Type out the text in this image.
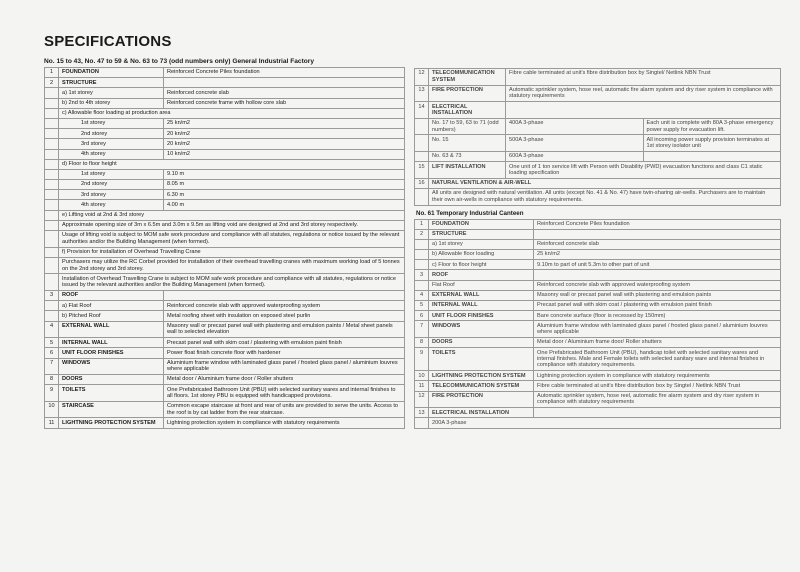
SPECIFICATIONS
No. 15 to 43, No. 47 to 59 & No. 63 to 73 (odd numbers only) General Industrial Factory
1	FOUNDATION	Reinforced Concrete Piles foundation
2	STRUCTURE	
	a) 1st storey	Reinforced concrete slab
	b) 2nd to 4th storey	Reinforced concrete frame with hollow core slab
	c) Allowable floor loading at production area	
	1st storey	25 kn/m2
	2nd storey	20 kn/m2
	3rd storey	20 kn/m2
	4th storey	10 kn/m2
	d) Floor to floor height	
	1st storey	9.10 m
	2nd storey	8.05 m
	3rd storey	6.30 m
	4th storey	4.00 m
	e) Lifting void at 2nd & 3rd storey	
	Approximate opening size of 3m x 6.5m and 3.0m x 9.5m as lifting void are designed at 2nd and 3rd storey respectively.	
	Usage of lifting void is subject to MOM safe work procedure and compliance with all statutes, regulations or notice issued by the relevant authorities and/or the Building Management (when formed).	
	f) Provision for installation of Overhead Travelling Crane	
	Purchasers may utilize the RC Corbel provided for installation of their overhead travelling cranes with maximum working load of 5 tonnes on the 2nd storey and 3rd storey.	
	Installation of Overhead Travelling Crane is subject to MOM safe work procedure and compliance with all statutes, regulations or notice issued by the relevant authorities and/or the Building Management (when formed).	
3	ROOF	
	a) Flat Roof	Reinforced concrete slab with approved waterproofing system
	b) Pitched Roof	Metal roofing sheet with insulation on exposed steel purlin
4	EXTERNAL WALL	Masonry wall or precast panel wall with plastering and emulsion paints / Metal sheet panels wall to selected elevation
5	INTERNAL WALL	Precast panel wall with skim coat / plastering with emulsion paint finish
6	UNIT FLOOR FINISHES	Power float finish concrete floor with hardener
7	WINDOWS	Aluminium frame window with laminated glass panel / frosted glass panel / aluminium louvres where applicable
8	DOORS	Metal door / Aluminium frame door / Roller shutters
9	TOILETS	One Prefabricated Bathroom Unit (PBU) with selected sanitary wares and internal finishes to all floors. 1st storey PBU is equipped with handicapped provisions.
10	STAIRCASE	Common escape staircase at front and rear of units are provided to serve the units. Access to the roof is by cat ladder from the rear staircase.
11	LIGHTNING PROTECTION SYSTEM	Lightning protection system in compliance with statutory requirements
12	TELECOMMUNICATION SYSTEM	Fibre cable terminated at unit's fibre distribution box by Singtel/ Netlink NBN Trust	
13	FIRE PROTECTION	Automatic sprinkler system, hose reel, automatic fire alarm system and dry riser system in compliance with statutory requirements	
14	ELECTRICAL INSTALLATION		
	No. 17 to 59, 63 to 71 (odd numbers)	400A 3-phase	Each unit is complete with 80A 3-phase emergency power supply for evacuation lift.
	No. 15	500A 3-phase	All incoming power supply provision terminates at 1st storey isolator unit
	No. 63 & 73	600A 3-phase	
15	LIFT INSTALLATION	One unit of 1 ton service lift with Person with Disability (PWD) evacuation functions and class C1 static loading specification	
16	NATURAL VENTILATION & AIR-WELL		
	All units are designed with natural ventilation. All units (except No. 41 & No. 47) have twin-sharing air-wells. Purchasers are to maintain their own air-wells in compliance with statutory requirements.		
No. 61 Temporary Industrial Canteen
1	FOUNDATION	Reinforced Concrete Piles foundation
2	STRUCTURE	
	a) 1st storey	Reinforced concrete slab
	b) Allowable floor loading	25 kn/m2
	c) Floor to floor height	9.10m to part of unit 5.3m to other part of unit
3	ROOF	
	Flat Roof	Reinforced concrete slab with approved waterproofing system
4	EXTERNAL WALL	Masonry wall or precast panel wall with plastering and emulsion paints
5	INTERNAL WALL	Precast panel wall with skim coat / plastering with emulsion paint finish
6	UNIT FLOOR FINISHES	Bare concrete surface (floor is recessed by 150mm)
7	WINDOWS	Aluminium frame window with laminated glass panel / frosted glass panel / aluminium louvres where applicable
8	DOORS	Metal door / Aluminium frame door/ Roller shutters
9	TOILETS	One Prefabricated Bathroom Unit (PBU), handicap toilet with selected sanitary wares and internal finishes. Male and Female toilets with selected sanitary ware and internal finishes in compliance with statutory requirements.
10	LIGHTNING PROTECTION SYSTEM	Lightning protection system in compliance with statutory requirements
11	TELECOMMUNICATION SYSTEM	Fibre cable terminated at unit's fibre distribution box by Singtel / Netlink NBN Trust
12	FIRE PROTECTION	Automatic sprinkler system, hose reel, automatic fire alarm system and dry riser system in compliance with statutory requirements
13	ELECTRICAL INSTALLATION	
	200A 3-phase	
